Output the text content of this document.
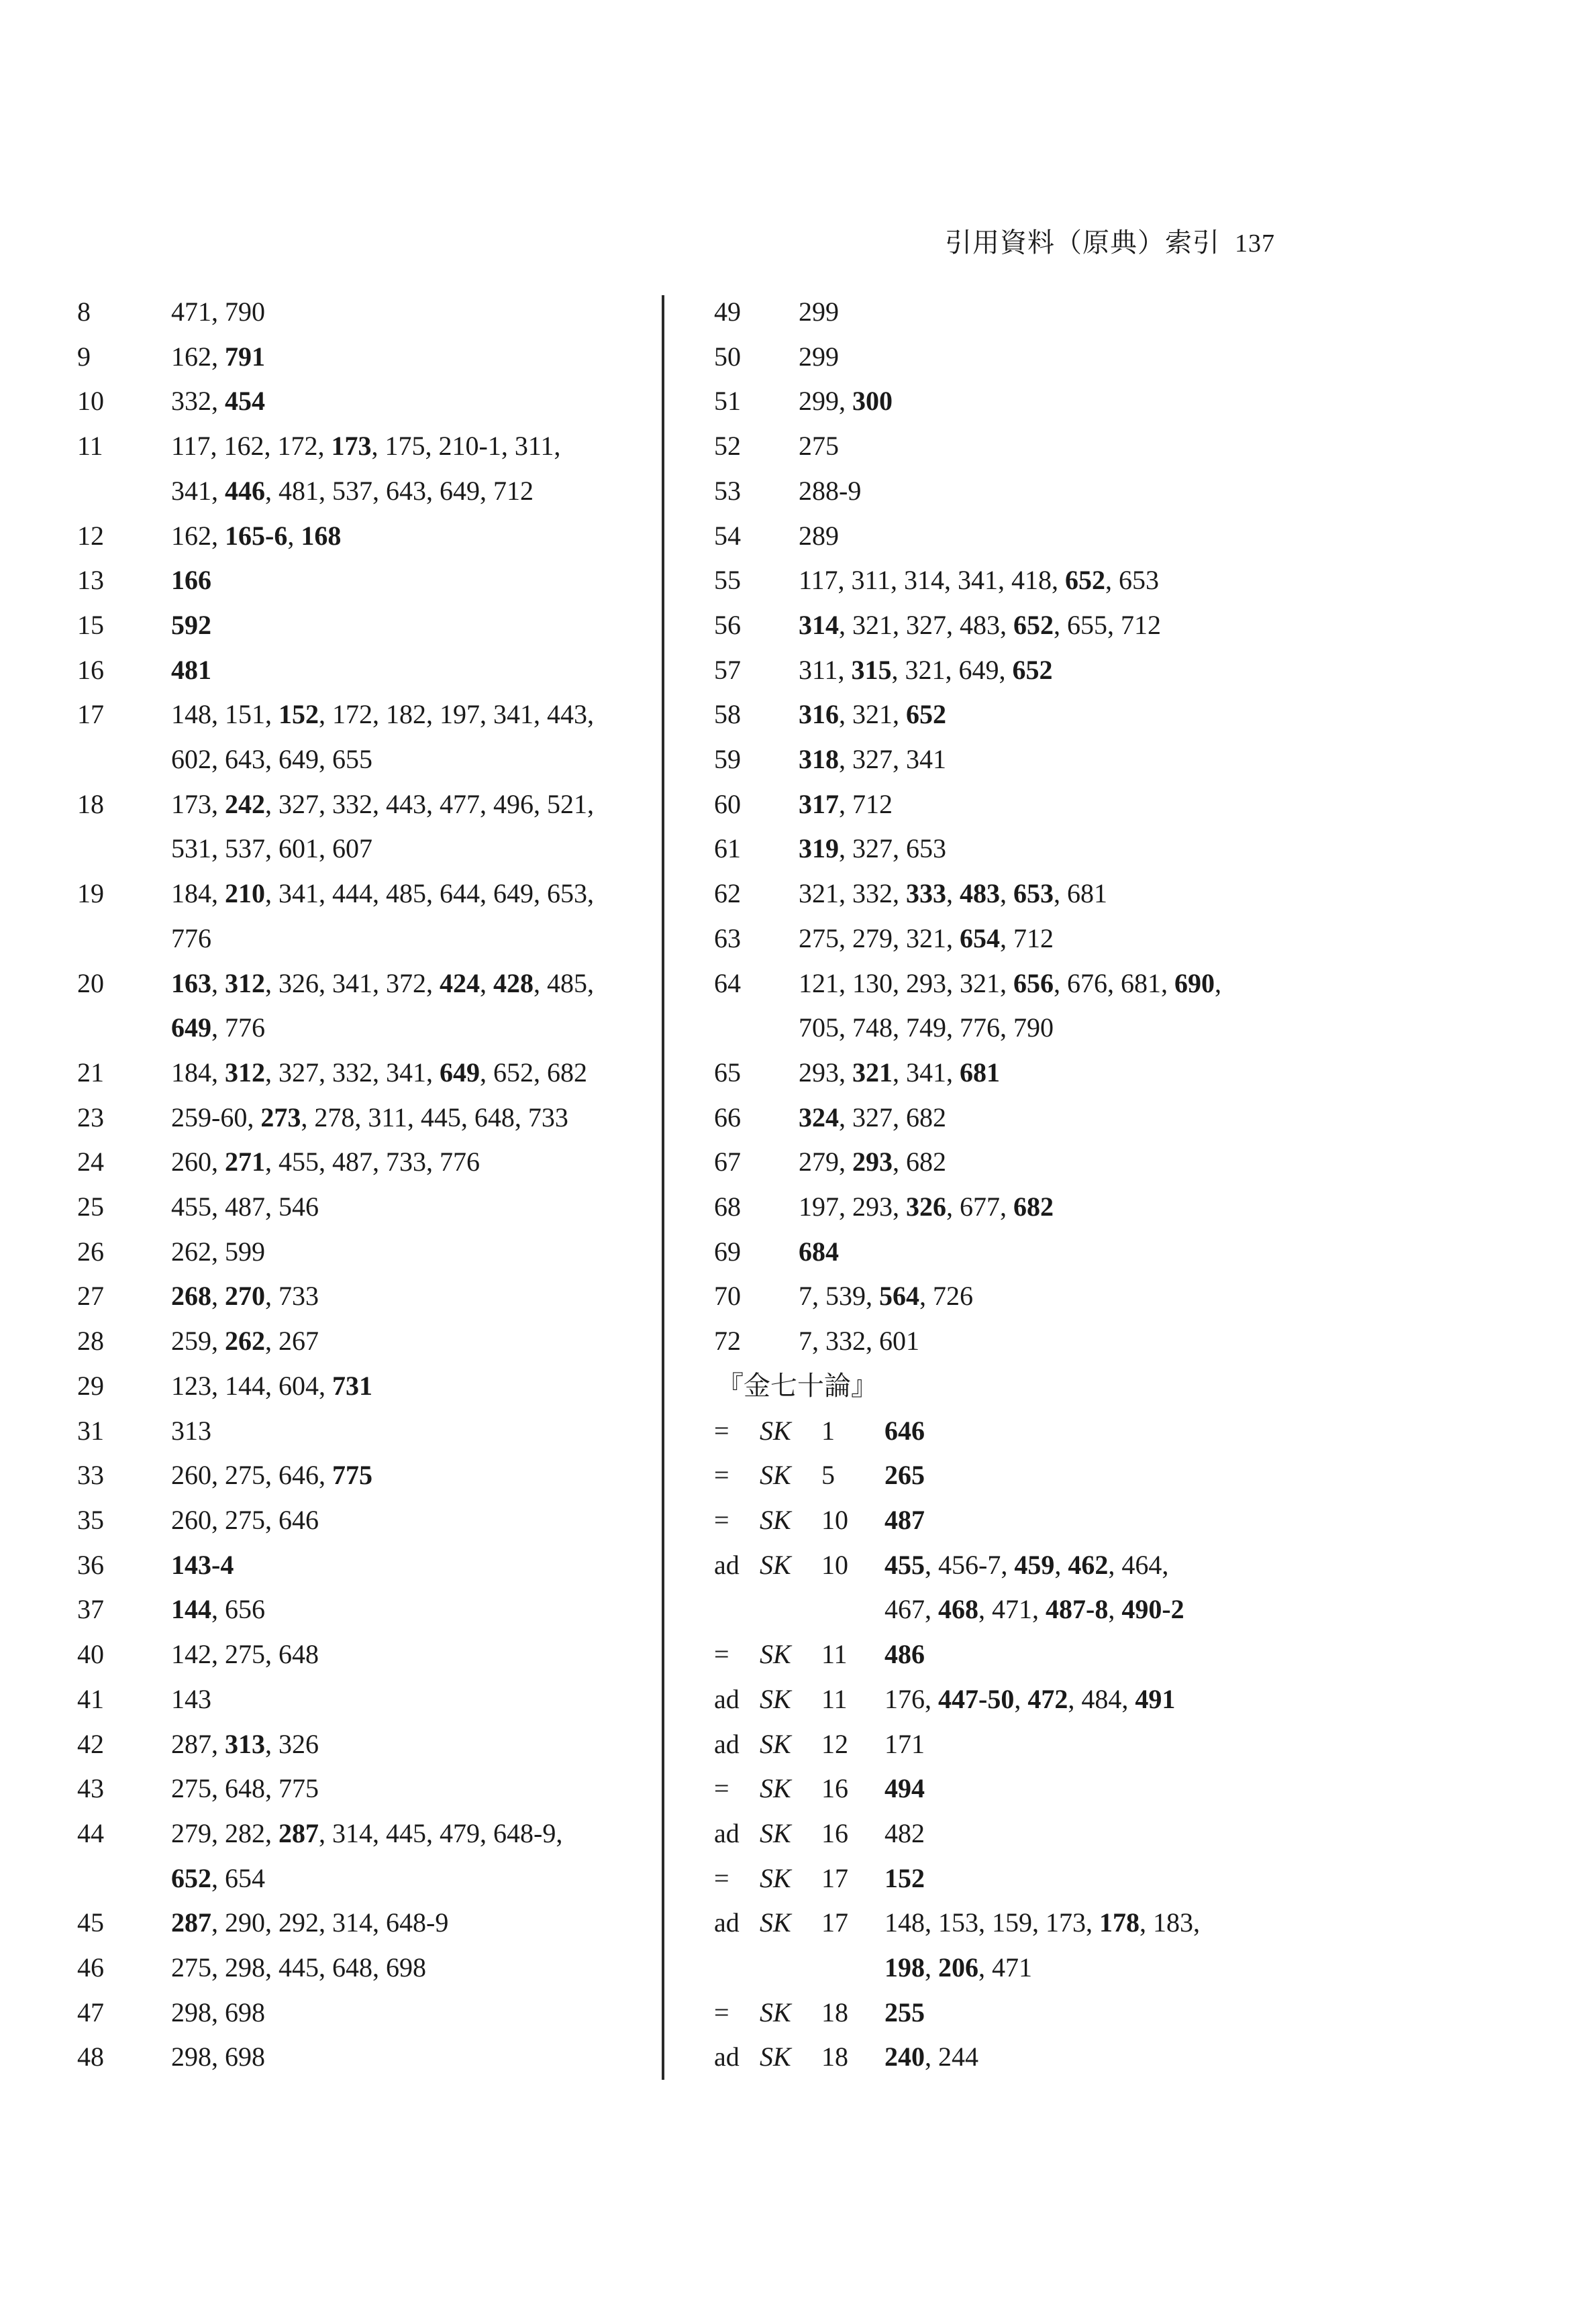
引用資料（原典）索引 137
8	471, 790
9	162, 791
10	332, 454
11	117, 162, 172, 173, 175, 210-1, 311,
341, 446, 481, 537, 643, 649, 712
12	162, 165-6, 168
13	166
15	592
16	481
17	148, 151, 152, 172, 182, 197, 341, 443,
602, 643, 649, 655
18	173, 242, 327, 332, 443, 477, 496, 521,
531, 537, 601, 607
19	184, 210, 341, 444, 485, 644, 649, 653,
776
20	163, 312, 326, 341, 372, 424, 428, 485,
649, 776
21	184, 312, 327, 332, 341, 649, 652, 682
23	259-60, 273, 278, 311, 445, 648, 733
24	260, 271, 455, 487, 733, 776
25	455, 487, 546
26	262, 599
27	268, 270, 733
28	259, 262, 267
29	123, 144, 604, 731
31	313
33	260, 275, 646, 775
35	260, 275, 646
36	143-4
37	144, 656
40	142, 275, 648
41	143
42	287, 313, 326
43	275, 648, 775
44	279, 282, 287, 314, 445, 479, 648-9,
652, 654
45	287, 290, 292, 314, 648-9
46	275, 298, 445, 648, 698
47	298, 698
48	298, 698
49	299
50	299
51	299, 300
52	275
53	288-9
54	289
55	117, 311, 314, 341, 418, 652, 653
56	314, 321, 327, 483, 652, 655, 712
57	311, 315, 321, 649, 652
58	316, 321, 652
59	318, 327, 341
60	317, 712
61	319, 327, 653
62	321, 332, 333, 483, 653, 681
63	275, 279, 321, 654, 712
64	121, 130, 293, 321, 656, 676, 681, 690,
705, 748, 749, 776, 790
65	293, 321, 341, 681
66	324, 327, 682
67	279, 293, 682
68	197, 293, 326, 677, 682
69	684
70	7, 539, 564, 726
72	7, 332, 601
『金七十論』
=	SK	1	646
=	SK	5	265
=	SK	10	487
ad SK	10	455, 456-7, 459, 462, 464,
467, 468, 471, 487-8, 490-2
=	SK	11	486
ad SK	11	176, 447-50, 472, 484, 491
ad SK	12	171
=	SK	16	494
ad SK	16	482
=	SK	17	152
ad SK	17	148, 153, 159, 173, 178, 183,
198, 206, 471
=	SK	18	255
ad SK	18	240, 244
